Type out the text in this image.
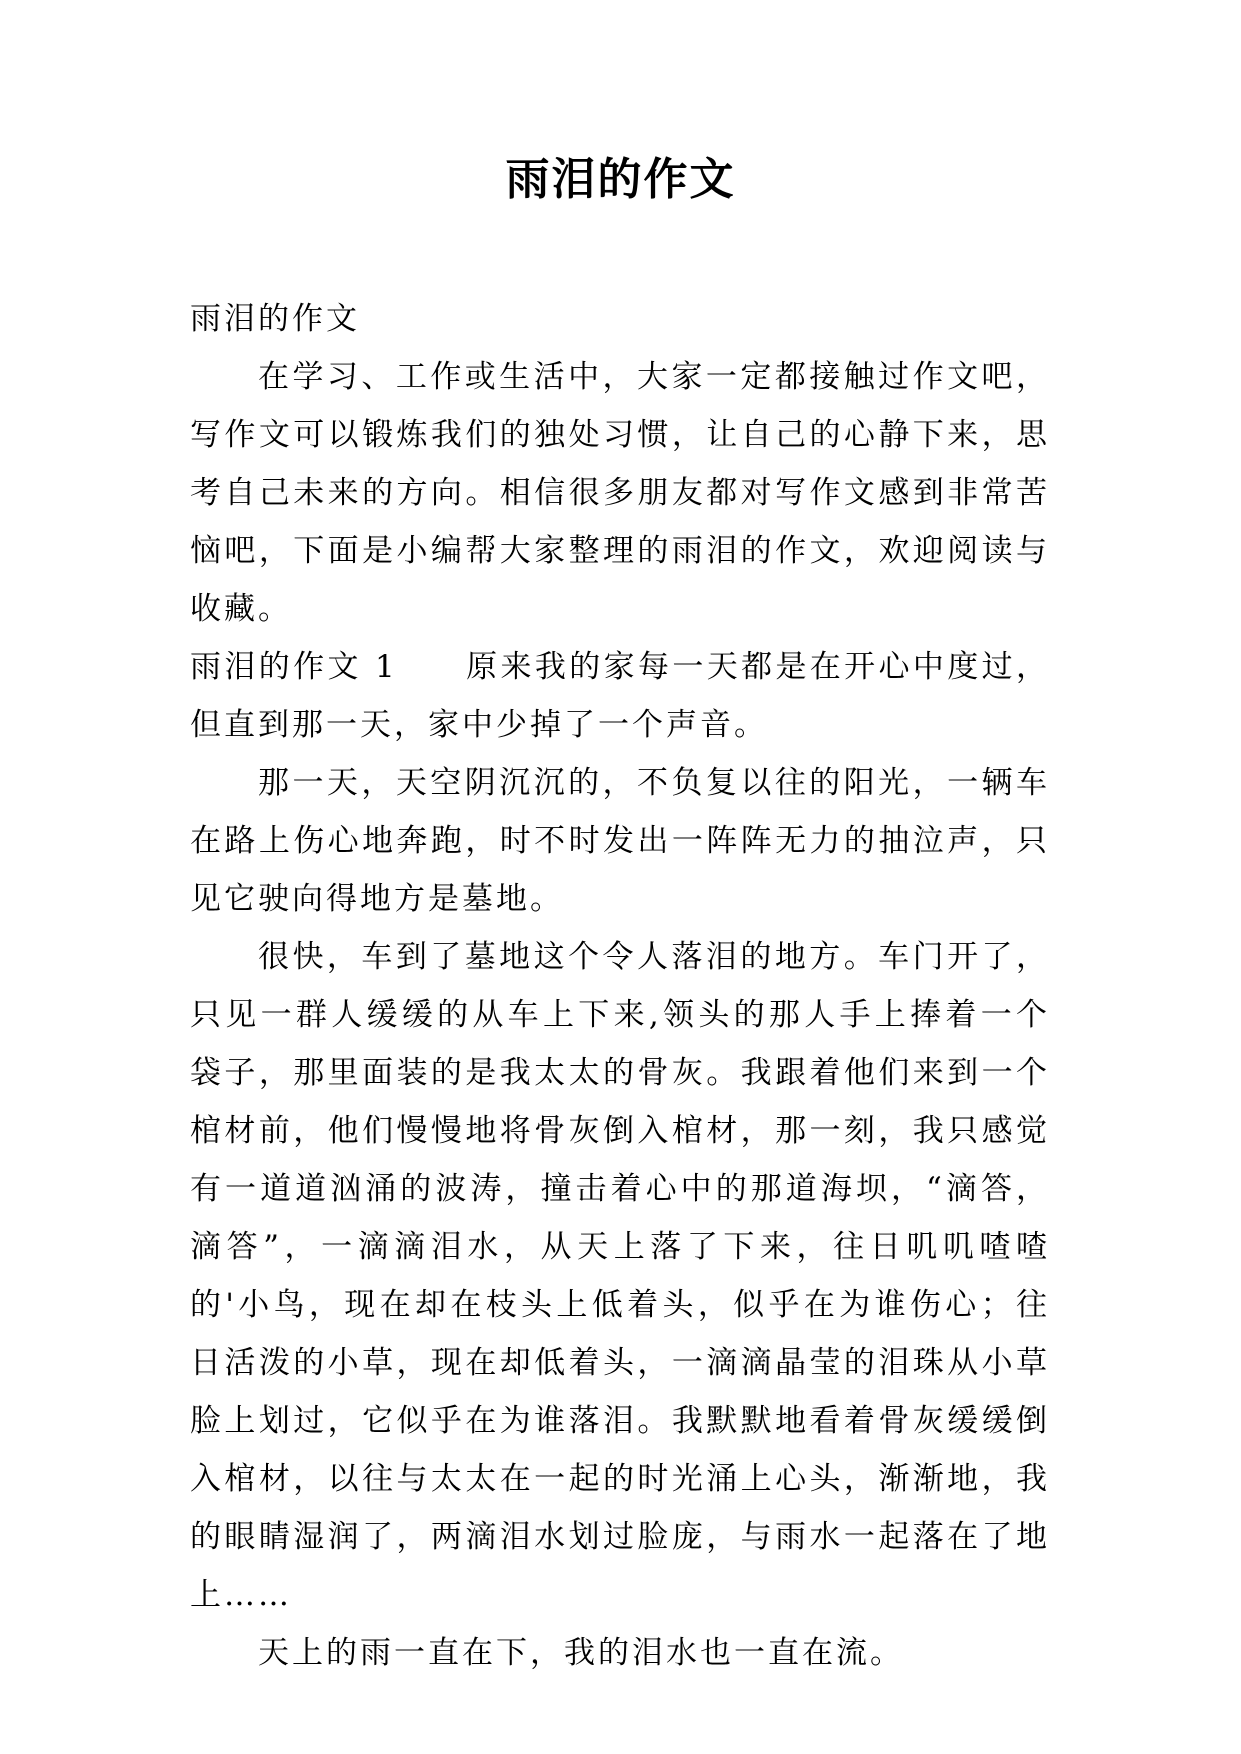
雨泪的作文

雨泪的作文

在学习、工作或生活中，大家一定都接触过作文吧，写作文可以锻炼我们的独处习惯，让自己的心静下来，思考自己未来的方向。相信很多朋友都对写作文感到非常苦恼吧，下面是小编帮大家整理的雨泪的作文，欢迎阅读与收藏。

雨泪的作文 1 原来我的家每一天都是在开心中度过，但直到那一天，家中少掉了一个声音。

那一天，天空阴沉沉的，不负复以往的阳光，一辆车在路上伤心地奔跑，时不时发出一阵阵无力的抽泣声，只见它驶向得地方是墓地。

很快，车到了墓地这个令人落泪的地方。车门开了，只见一群人缓缓的从车上下来,领头的那人手上捧着一个袋子，那里面装的是我太太的骨灰。我跟着他们来到一个棺材前，他们慢慢地将骨灰倒入棺材，那一刻，我只感觉有一道道汹涌的波涛，撞击着心中的那道海坝，“滴答，滴答”，一滴滴泪水，从天上落了下来，往日叽叽喳喳的'小鸟，现在却在枝头上低着头，似乎在为谁伤心；往日活泼的小草，现在却低着头，一滴滴晶莹的泪珠从小草脸上划过，它似乎在为谁落泪。我默默地看着骨灰缓缓倒入棺材，以往与太太在一起的时光涌上心头，渐渐地，我的眼睛湿润了，两滴泪水划过脸庞，与雨水一起落在了地上……

天上的雨一直在下，我的泪水也一直在流。
